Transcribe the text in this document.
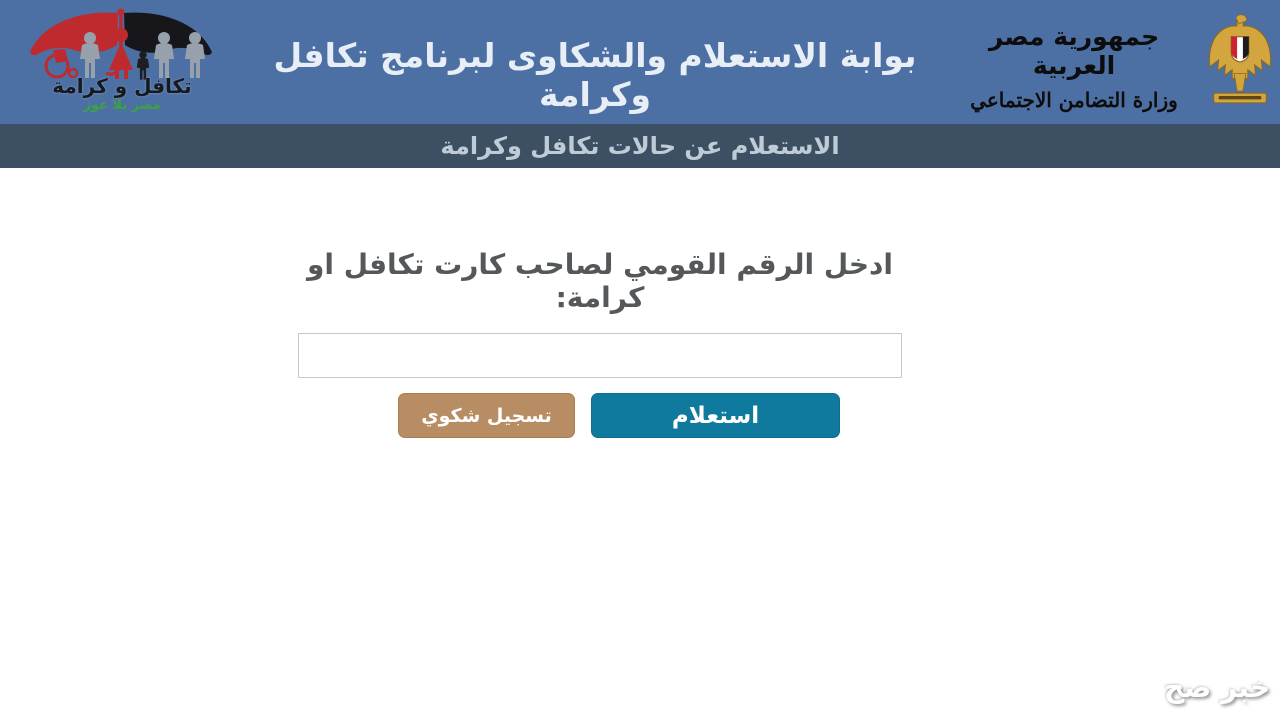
تكافل و كرامة
مصر بلا عوز
بوابة الاستعلام والشكاوى لبرنامج تكافل وكرامة
جمهورية مصر العربية
وزارة التضامن الاجتماعي
الاستعلام عن حالات تكافل وكرامة
ادخل الرقم القومي لصاحب كارت تكافل او كرامة:
تسجيل شكوي	استعلام
خبر صح
